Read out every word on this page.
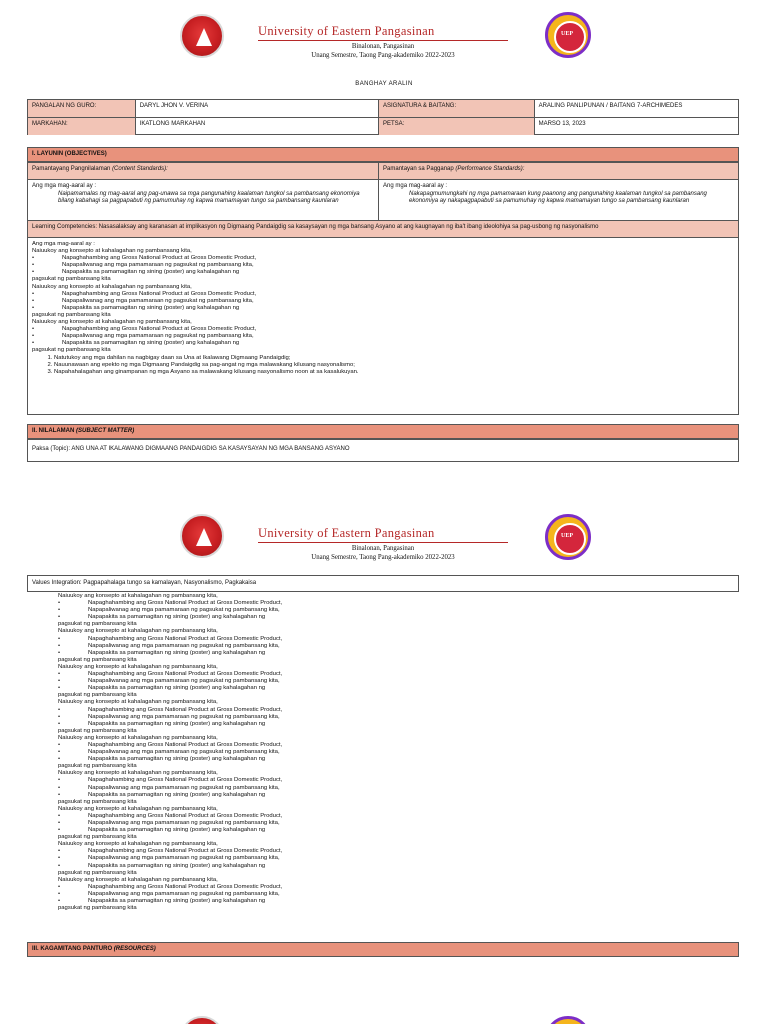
University of Eastern Pangasinan
Binalonan, Pangasinan
Unang Semestre, Taong Pang-akademiko 2022-2023
UEP
BANGHAY ARALIN
PANGALAN NG GURO:	DARYL JHON V. VERINA	ASIGNATURA & BAITANG:	ARALING PANLIPUNAN / BAITANG 7-ARCHIMEDES
MARKAHAN:	IKATLONG MARKAHAN	PETSA:	MARSO 13, 2023
I. LAYUNIN (OBJECTIVES)
Pamantayang Pangnilalaman (Content Standards):	Pamantayan sa Pagganap (Performance Standards):
Ang mga mag-aaral ay :
Naipamamalas ng mag-aaral ang pag-unawa sa mga pangunahing kaalaman tungkol sa pambansang ekonomiya bilang kabahagi sa pagpapabuti ng pamumuhay ng kapwa mamamayan tungo sa pambansang kaunlaran
Ang mga mag-aaral ay :
Nakapagmumungkahi ng mga pamamaraan kung paanong ang pangunahing kaalaman tungkol sa pambansang ekonomiya ay nakapagpapabuti sa pamumuhay ng kapwa mamamayan tungo sa pambansang kaunlaran
Learning Competencies: Nasasalaksay ang karanasan at implikasyon ng Digmaang Pandaigdig sa kasaysayan ng mga bansang Asyano at ang kaugnayan ng iba't ibang ideolohiya sa pag-usbong ng nasyonalismo
Ang mga mag-aaral ay :
Naiuukoy ang konsepto at kahalagahan ng pambansang kita,
•	Napaghahambing ang Gross National Product at Gross Domestic Product,
•	Napapaliwanag ang mga pamamaraan ng pagsukat ng pambansang kita,
•	Napapakita sa pamamagitan ng sining (poster) ang kahalagahan ng
pagsukat ng pambansang kita
Naiuukoy ang konsepto at kahalagahan ng pambansang kita,
•	Napaghahambing ang Gross National Product at Gross Domestic Product,
•	Napapaliwanag ang mga pamamaraan ng pagsukat ng pambansang kita,
•	Napapakita sa pamamagitan ng sining (poster) ang kahalagahan ng
pagsukat ng pambansang kita
Naiuukoy ang konsepto at kahalagahan ng pambansang kita,
•	Napaghahambing ang Gross National Product at Gross Domestic Product,
•	Napapaliwanag ang mga pamamaraan ng pagsukat ng pambansang kita,
•	Napapakita sa pamamagitan ng sining (poster) ang kahalagahan ng
pagsukat ng pambansang kita
1. Natutukoy ang mga dahilan na nagbigay daan sa Una at Ikalawang Digmaang Pandaigdig;
2. Nauunawaan ang epekto ng mga Digmaang Pandaigdig sa pag-angat ng mga malawakang kilusang nasyonalismo;
3. Napahahalagahan ang ginampanan ng mga Asyano sa malawakang kilusang nasyonalismo noon at sa kasalukuyan.
II. NILALAMAN (SUBJECT MATTER)
Paksa (Topic): ANG UNA AT IKALAWANG DIGMAANG PANDAIGDIG SA KASAYSAYAN NG MGA BANSANG ASYANO
University of Eastern Pangasinan
Binalonan, Pangasinan
Unang Semestre, Taong Pang-akademiko 2022-2023
UEP
Values Integration: Pagpapahalaga tungo sa kamalayan, Nasyonalismo, Pagkakaisa
Naiuukoy ang konsepto at kahalagahan ng pambansang kita,
•	Napaghahambing ang Gross National Product at Gross Domestic Product,
•	Napapaliwanag ang mga pamamaraan ng pagsukat ng pambansang kita,
•	Napapakita sa pamamagitan ng sining (poster) ang kahalagahan ng
pagsukat ng pambansang kita
Naiuukoy ang konsepto at kahalagahan ng pambansang kita,
•	Napaghahambing ang Gross National Product at Gross Domestic Product,
•	Napapaliwanag ang mga pamamaraan ng pagsukat ng pambansang kita,
•	Napapakita sa pamamagitan ng sining (poster) ang kahalagahan ng
pagsukat ng pambansang kita
Naiuukoy ang konsepto at kahalagahan ng pambansang kita,
•	Napaghahambing ang Gross National Product at Gross Domestic Product,
•	Napapaliwanag ang mga pamamaraan ng pagsukat ng pambansang kita,
•	Napapakita sa pamamagitan ng sining (poster) ang kahalagahan ng
pagsukat ng pambansang kita
Naiuukoy ang konsepto at kahalagahan ng pambansang kita,
•	Napaghahambing ang Gross National Product at Gross Domestic Product,
•	Napapaliwanag ang mga pamamaraan ng pagsukat ng pambansang kita,
•	Napapakita sa pamamagitan ng sining (poster) ang kahalagahan ng
pagsukat ng pambansang kita
Naiuukoy ang konsepto at kahalagahan ng pambansang kita,
•	Napaghahambing ang Gross National Product at Gross Domestic Product,
•	Napapaliwanag ang mga pamamaraan ng pagsukat ng pambansang kita,
•	Napapakita sa pamamagitan ng sining (poster) ang kahalagahan ng
pagsukat ng pambansang kita
Naiuukoy ang konsepto at kahalagahan ng pambansang kita,
•	Napaghahambing ang Gross National Product at Gross Domestic Product,
•	Napapaliwanag ang mga pamamaraan ng pagsukat ng pambansang kita,
•	Napapakita sa pamamagitan ng sining (poster) ang kahalagahan ng
pagsukat ng pambansang kita
Naiuukoy ang konsepto at kahalagahan ng pambansang kita,
•	Napaghahambing ang Gross National Product at Gross Domestic Product,
•	Napapaliwanag ang mga pamamaraan ng pagsukat ng pambansang kita,
•	Napapakita sa pamamagitan ng sining (poster) ang kahalagahan ng
pagsukat ng pambansang kita
Naiuukoy ang konsepto at kahalagahan ng pambansang kita,
•	Napaghahambing ang Gross National Product at Gross Domestic Product,
•	Napapaliwanag ang mga pamamaraan ng pagsukat ng pambansang kita,
•	Napapakita sa pamamagitan ng sining (poster) ang kahalagahan ng
pagsukat ng pambansang kita
Naiuukoy ang konsepto at kahalagahan ng pambansang kita,
•	Napaghahambing ang Gross National Product at Gross Domestic Product,
•	Napapaliwanag ang mga pamamaraan ng pagsukat ng pambansang kita,
•	Napapakita sa pamamagitan ng sining (poster) ang kahalagahan ng
pagsukat ng pambansang kita
III. KAGAMITANG PANTURO (RESOURCES)
UEP
